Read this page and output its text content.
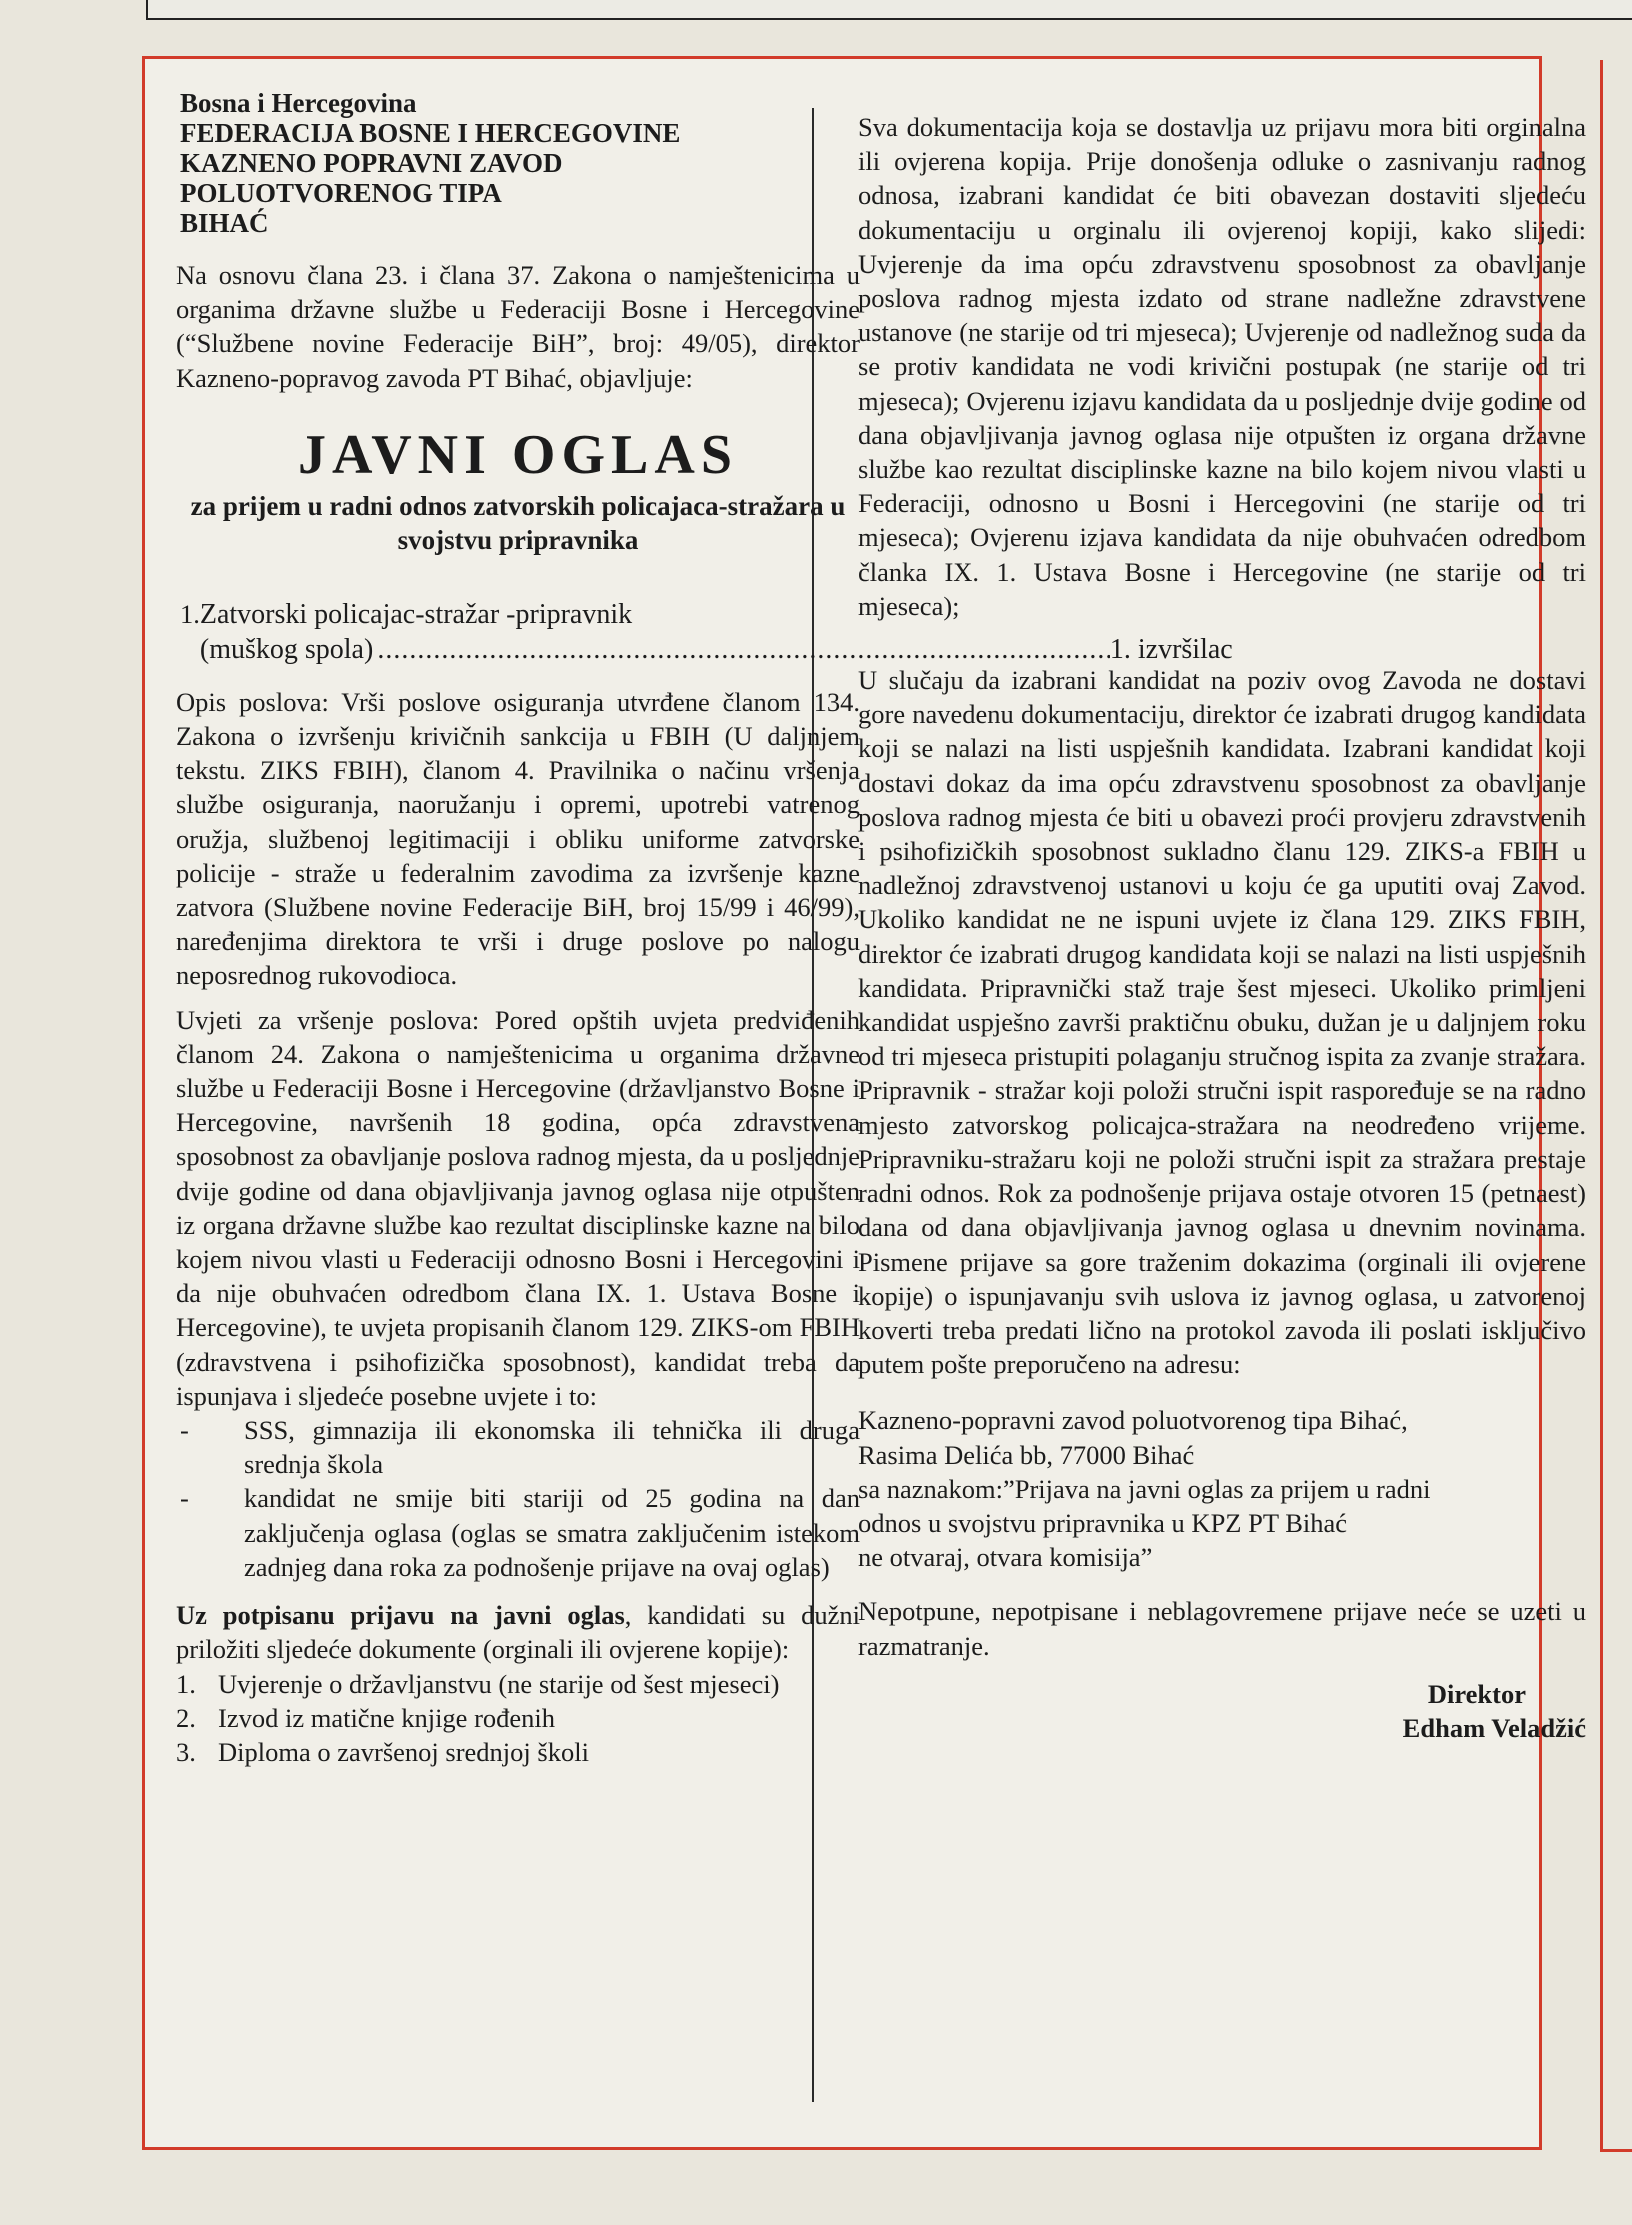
Bosna i Hercegovina

FEDERACIJA BOSNE I HERCEGOVINE

KAZNENO POPRAVNI ZAVOD

POLUOTVORENOG TIPA

BIHAĆ

Na osnovu člana 23. i člana 37. Zakona o namještenicima u organima državne službe u Federaciji Bosne i Hercegovine (“Službene novine Federacije BiH”, broj: 49/05), direktor Kazneno-popravog zavoda PT Bihać, objavljuje:

JAVNI OGLAS
za prijem u radni odnos zatvorskih policajaca-stražara u svojstvu pripravnika
1. Zatvorski policajac-stražar -pripravnik
(muškog spola)
.....	1. izvršilac

Opis poslova: Vrši poslove osiguranja utvrđene članom 134. Zakona o izvršenju krivičnih sankcija u FBIH (U daljnjem tekstu. ZIKS FBIH), članom 4. Pravilnika o načinu vršenja službe osiguranja, naoružanju i opremi, upotrebi vatrenog oružja, službenoj legitimaciji i obliku uniforme zatvorske policije - straže u federalnim zavodima za izvršenje kazne zatvora (Službene novine Federacije BiH, broj 15/99 i 46/99), naređenjima direktora te vrši i druge poslove po nalogu neposrednog rukovodioca.

Uvjeti za vršenje poslova: Pored opštih uvjeta predviđenih članom 24. Zakona o namještenicima u organima državne službe u Federaciji Bosne i Hercegovine (državljanstvo Bosne i Hercegovine, navršenih 18 godina, opća zdravstvena sposobnost za obavljanje poslova radnog mjesta, da u posljednje dvije godine od dana objavljivanja javnog oglasa nije otpušten iz organa državne službe kao rezultat disciplinske kazne na bilo kojem nivou vlasti u Federaciji odnosno Bosni i Hercegovini i da nije obuhvaćen odredbom člana IX. 1. Ustava Bosne i Hercegovine), te uvjeta propisanih članom 129. ZIKS-om FBIH (zdravstvena i psihofizička sposobnost), kandidat treba da ispunjava i sljedeće posebne uvjete i to:

-	SSS, gimnazija ili ekonomska ili tehnička ili druga srednja škola
-	kandidat ne smije biti stariji od 25 godina na dan zaključenja oglasa (oglas se smatra zaključenim istekom zadnjeg dana roka za podnošenje prijave na ovaj oglas)

Uz potpisanu prijavu na javni oglas, kandidati su dužni priložiti sljedeće dokumente (orginali ili ovjerene kopije):

1. Uvjerenje o državljanstvu (ne starije od šest mjeseci)
2. Izvod iz matične knjige rođenih
3. Diploma o završenoj srednjoj školi

Sva dokumentacija koja se dostavlja uz prijavu mora biti orginalna ili ovjerena kopija. Prije donošenja odluke o zasnivanju radnog odnosa, izabrani kandidat će biti obavezan dostaviti sljedeću dokumentaciju u orginalu ili ovjerenoj kopiji, kako slijedi: Uvjerenje da ima opću zdravstvenu sposobnost za obavljanje poslova radnog mjesta izdato od strane nadležne zdravstvene ustanove (ne starije od tri mjeseca); Uvjerenje od nadležnog suda da se protiv kandidata ne vodi krivični postupak (ne starije od tri mjeseca); Ovjerenu izjavu kandidata da u posljednje dvije godine od dana objavljivanja javnog oglasa nije otpušten iz organa državne službe kao rezultat disciplinske kazne na bilo kojem nivou vlasti u Federaciji, odnosno u Bosni i Hercegovini (ne starije od tri mjeseca); Ovjerenu izjava kandidata da nije obuhvaćen odredbom članka IX. 1. Ustava Bosne i Hercegovine (ne starije od tri mjeseca);

U slučaju da izabrani kandidat na poziv ovog Zavoda ne dostavi gore navedenu dokumentaciju, direktor će izabrati drugog kandidata koji se nalazi na listi uspješnih kandidata. Izabrani kandidat koji dostavi dokaz da ima opću zdravstvenu sposobnost za obavljanje poslova radnog mjesta će biti u obavezi proći provjeru zdravstvenih i psihofizičkih sposobnost sukladno članu 129. ZIKS-a FBIH u nadležnoj zdravstvenoj ustanovi u koju će ga uputiti ovaj Zavod. Ukoliko kandidat ne ne ispuni uvjete iz člana 129. ZIKS FBIH, direktor će izabrati drugog kandidata koji se nalazi na listi uspješnih kandidata. Pripravnički staž traje šest mjeseci. Ukoliko primljeni kandidat uspješno završi praktičnu obuku, dužan je u daljnjem roku od tri mjeseca pristupiti polaganju stručnog ispita za zvanje stražara. Pripravnik - stražar koji položi stručni ispit raspoređuje se na radno mjesto zatvorskog policajca-stražara na neodređeno vrijeme. Pripravniku-stražaru koji ne položi stručni ispit za stražara prestaje radni odnos. Rok za podnošenje prijava ostaje otvoren 15 (petnaest) dana od dana objavljivanja javnog oglasa u dnevnim novinama. Pismene prijave sa gore traženim dokazima (orginali ili ovjerene kopije) o ispunjavanju svih uslova iz javnog oglasa, u zatvorenoj koverti treba predati lično na protokol zavoda ili poslati isključivo putem pošte preporučeno na adresu:

Kazneno-popravni zavod poluotvorenog tipa Bihać,
Rasima Delića bb, 77000 Bihać
sa naznakom:”Prijava na javni oglas za prijem u radni
odnos u svojstvu pripravnika u KPZ PT Bihać
ne otvaraj, otvara komisija”

Nepotpune, nepotpisane i neblagovremene prijave neće se uzeti u razmatranje.

Direktor
Edham Veladžić
